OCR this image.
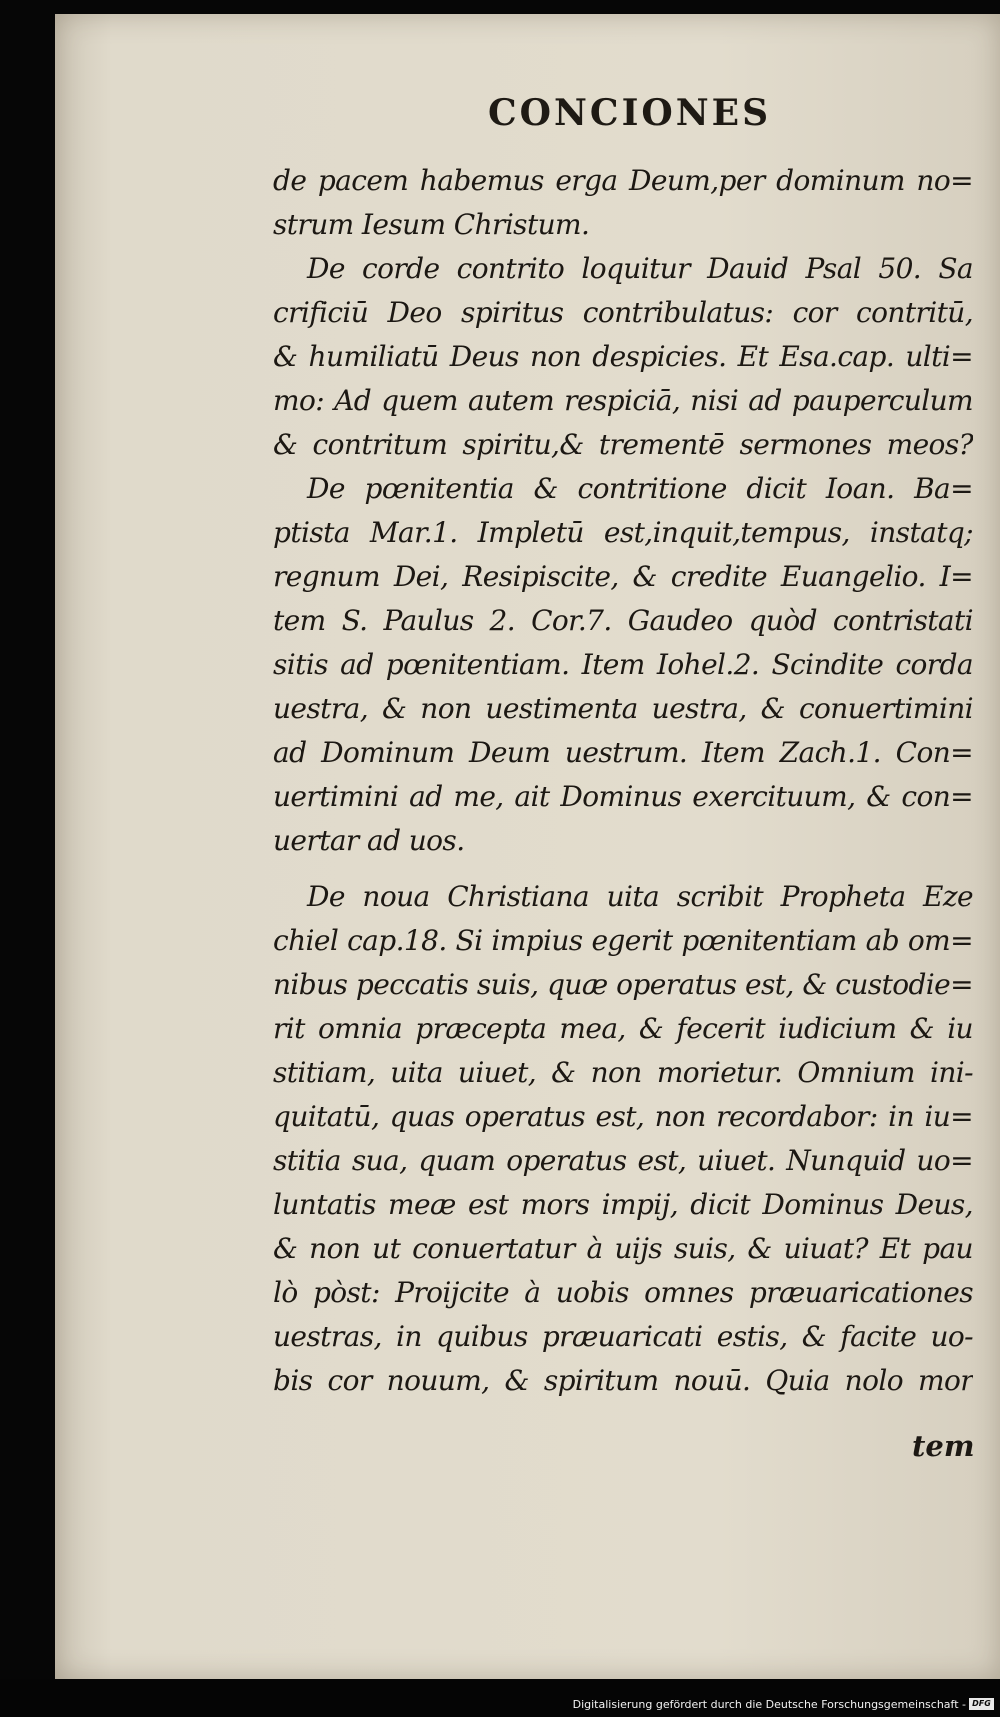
CONCIONES
de pacem habemus erga Deum,per dominum no=
strum Iesum Christum.
De corde contrito loquitur Dauid Psal 50. Sa
crificiū Deo spiritus contribulatus: cor contritū,
& humiliatū Deus non despicies. Et Esa.cap. ulti=
mo: Ad quem autem respiciā, nisi ad pauperculum
& contritum spiritu,& trementē sermones meos?
De pœnitentia & contritione dicit Ioan. Ba=
ptista Mar.1. Impletū est,inquit,tempus, instatq;
regnum Dei, Resipiscite, & credite Euangelio. I=
tem S. Paulus 2. Cor.7. Gaudeo quòd contristati
sitis ad pœnitentiam. Item Iohel.2. Scindite corda
uestra, & non uestimenta uestra, & conuertimini
ad Dominum Deum uestrum. Item Zach.1. Con=
uertimini ad me, ait Dominus exercituum, & con=
uertar ad uos.
De noua Christiana uita scribit Propheta Eze
chiel cap.18. Si impius egerit pœnitentiam ab om=
nibus peccatis suis, quæ operatus est, & custodie=
rit omnia præcepta mea, & fecerit iudicium & iu
stitiam, uita uiuet, & non morietur. Omnium ini-
quitatū, quas operatus est, non recordabor: in iu=
stitia sua, quam operatus est, uiuet. Nunquid uo=
luntatis meæ est mors impij, dicit Dominus Deus,
& non ut conuertatur à uijs suis, & uiuat? Et pau
lò pòst: Proijcite à uobis omnes præuaricationes
uestras, in quibus præuaricati estis, & facite uo-
bis cor nouum, & spiritum nouū. Quia nolo mor
tem
Digitalisierung gefördert durch die Deutsche Forschungsgemeinschaft - DFG
